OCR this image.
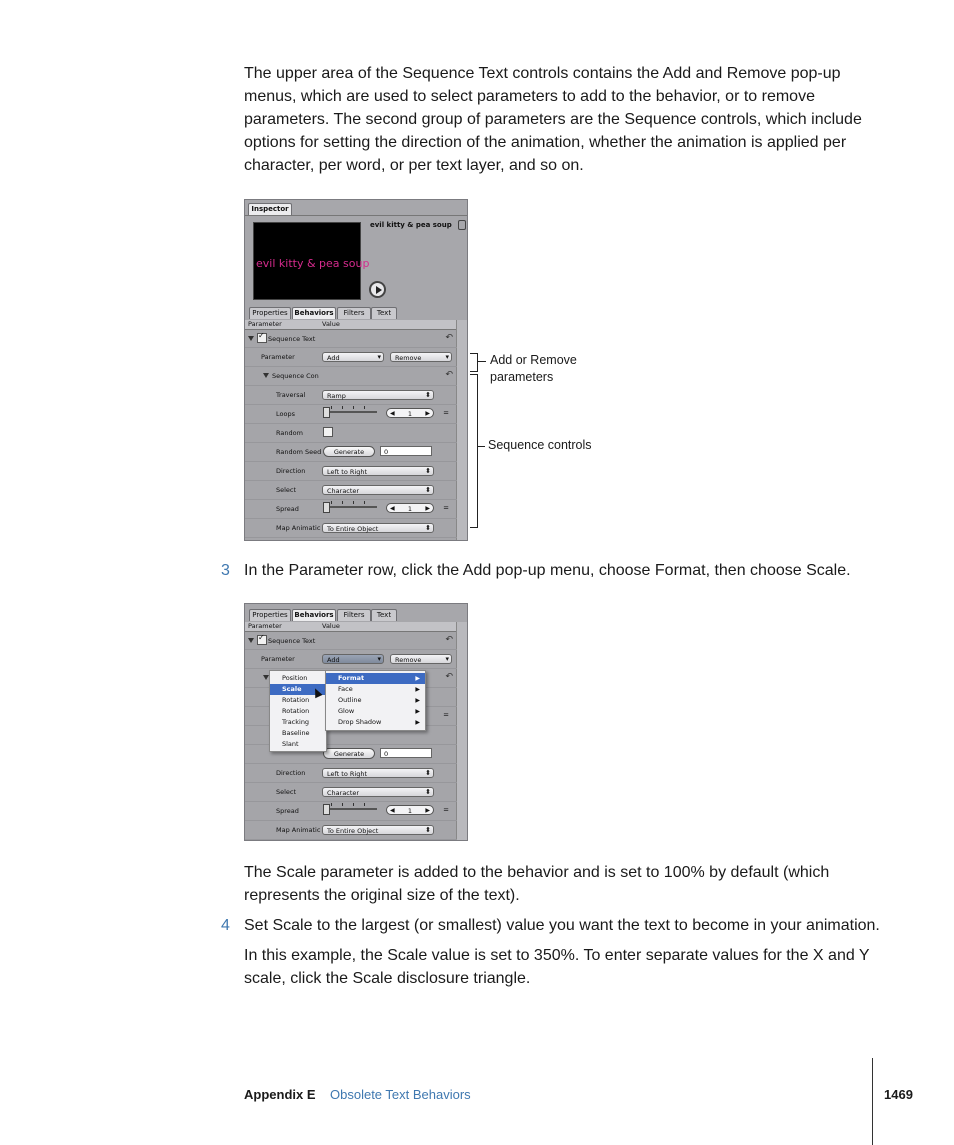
The upper area of the Sequence Text controls contains the Add and Remove pop-up
menus, which are used to select parameters to add to the behavior, or to remove
parameters. The second group of parameters are the Sequence controls, which include
options for setting the direction of the animation, whether the animation is applied per
character, per word, or per text layer, and so on.
Inspector
evil kitty & pea soup
evil kitty & pea soup
Properties Behaviors	Filters	Text
Parameter	Value
✓
Sequence Text	↶
Parameter	Add ▾	Remove ▾
Sequence Con	↶
Traversal	Ramp ⬍
Loops	◀ 1 ▶ =
Random
Random Seed	Generate	0
Direction	Left to Right ⬍
Select	Character ⬍
Spread	◀ 1 ▶ =
Map Animatic	To Entire Object ⬍
Add or Remove
parameters
Sequence controls
3 In the Parameter row, click the Add pop-up menu, choose Format, then choose Scale.
Properties Behaviors	Filters	Text
Parameter	Value
✓
Sequence Text	↶
Parameter	Add ▾	Remove ▾
↶
=
Generate	0
Direction	Left to Right ⬍
Select	Character ⬍
Spread	◀ 1 ▶ =
Map Animatic	To Entire Object ⬍
Position
Scale
Rotation
Rotation
Tracking
Baseline
Slant
Format	▶
Face	▶
Outline	▶
Glow	▶
Drop Shadow	▶
The Scale parameter is added to the behavior and is set to 100% by default (which
represents the original size of the text).
4 Set Scale to the largest (or smallest) value you want the text to become in your animation.
In this example, the Scale value is set to 350%. To enter separate values for the X and Y
scale, click the Scale disclosure triangle.
Appendix E Obsolete Text Behaviors	1469
